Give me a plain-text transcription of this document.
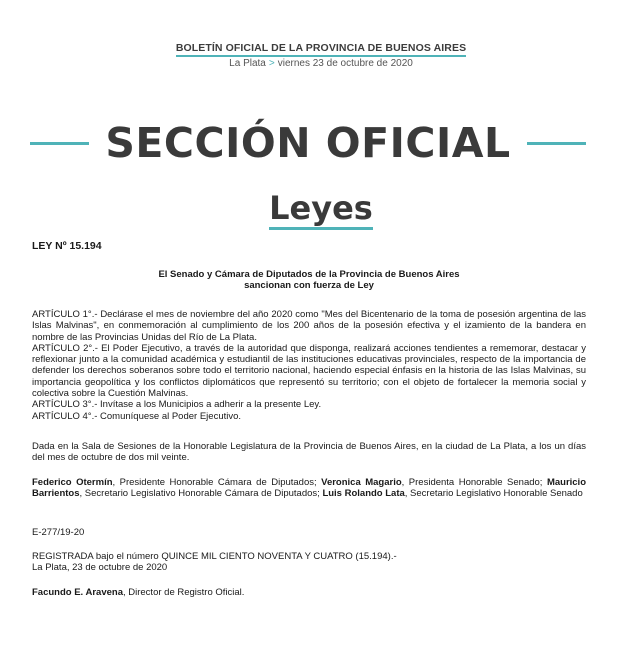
BOLETÍN OFICIAL DE LA PROVINCIA DE BUENOS AIRES
La Plata > viernes 23 de octubre de 2020
SECCIÓN OFICIAL
Leyes
LEY Nº 15.194
El Senado y Cámara de Diputados de la Provincia de Buenos Aires
sancionan con fuerza de Ley

ARTÍCULO 1°.- Declárase el mes de noviembre del año 2020 como "Mes del Bicentenario de la toma de posesión argentina de las Islas Malvinas", en conmemoración al cumplimiento de los 200 años de la posesión efectiva y el izamiento de la bandera en nombre de las Provincias Unidas del Río de La Plata.

ARTÍCULO 2°.- El Poder Ejecutivo, a través de la autoridad que disponga, realizará acciones tendientes a rememorar, destacar y reflexionar junto a la comunidad académica y estudiantil de las instituciones educativas provinciales, respecto de la importancia de defender los derechos soberanos sobre todo el territorio nacional, haciendo especial énfasis en la historia de las Islas Malvinas, su importancia geopolítica y los conflictos diplomáticos que representó su territorio; con el objeto de fortalecer la memoria social y colectiva sobre la Cuestión Malvinas.

ARTÍCULO 3°.- Invítase a los Municipios a adherir a la presente Ley.

ARTÍCULO 4°.- Comuníquese al Poder Ejecutivo.

Dada en la Sala de Sesiones de la Honorable Legislatura de la Provincia de Buenos Aires, en la ciudad de La Plata, a los un días del mes de octubre de dos mil veinte.
Federico Otermín, Presidente Honorable Cámara de Diputados; Veronica Magario, Presidenta Honorable Senado; Mauricio Barrientos, Secretario Legislativo Honorable Cámara de Diputados; Luis Rolando Lata, Secretario Legislativo Honorable Senado
E-277/19-20
REGISTRADA bajo el número QUINCE MIL CIENTO NOVENTA Y CUATRO (15.194).-
La Plata, 23 de octubre de 2020
Facundo E. Aravena, Director de Registro Oficial.
